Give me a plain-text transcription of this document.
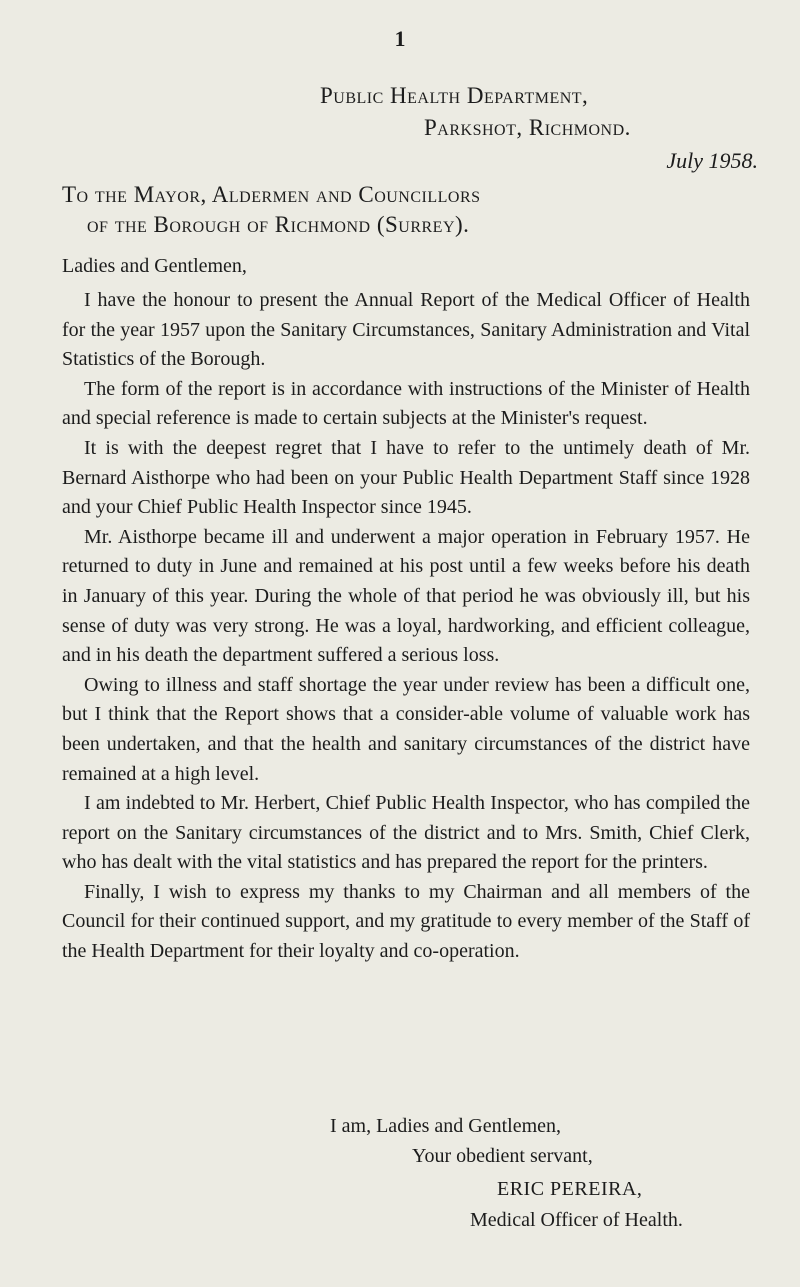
1
Public Health Department,
Parkshot, Richmond.
July 1958.
To the Mayor, Aldermen and Councillors
of the Borough of Richmond (Surrey).
Ladies and Gentlemen,

I have the honour to present the Annual Report of the Medical Officer of Health for the year 1957 upon the Sanitary Circumstances, Sanitary Administration and Vital Statistics of the Borough.

The form of the report is in accordance with instructions of the Minister of Health and special reference is made to certain subjects at the Minister's request.

It is with the deepest regret that I have to refer to the untimely death of Mr. Bernard Aisthorpe who had been on your Public Health Department Staff since 1928 and your Chief Public Health Inspector since 1945.

Mr. Aisthorpe became ill and underwent a major operation in February 1957. He returned to duty in June and remained at his post until a few weeks before his death in January of this year. During the whole of that period he was obviously ill, but his sense of duty was very strong. He was a loyal, hardworking, and efficient colleague, and in his death the department suffered a serious loss.

Owing to illness and staff shortage the year under review has been a difficult one, but I think that the Report shows that a consider-able volume of valuable work has been undertaken, and that the health and sanitary circumstances of the district have remained at a high level.

I am indebted to Mr. Herbert, Chief Public Health Inspector, who has compiled the report on the Sanitary circumstances of the district and to Mrs. Smith, Chief Clerk, who has dealt with the vital statistics and has prepared the report for the printers.

Finally, I wish to express my thanks to my Chairman and all members of the Council for their continued support, and my gratitude to every member of the Staff of the Health Department for their loyalty and co-operation.

I am, Ladies and Gentlemen,
Your obedient servant,
ERIC PEREIRA,
Medical Officer of Health.
